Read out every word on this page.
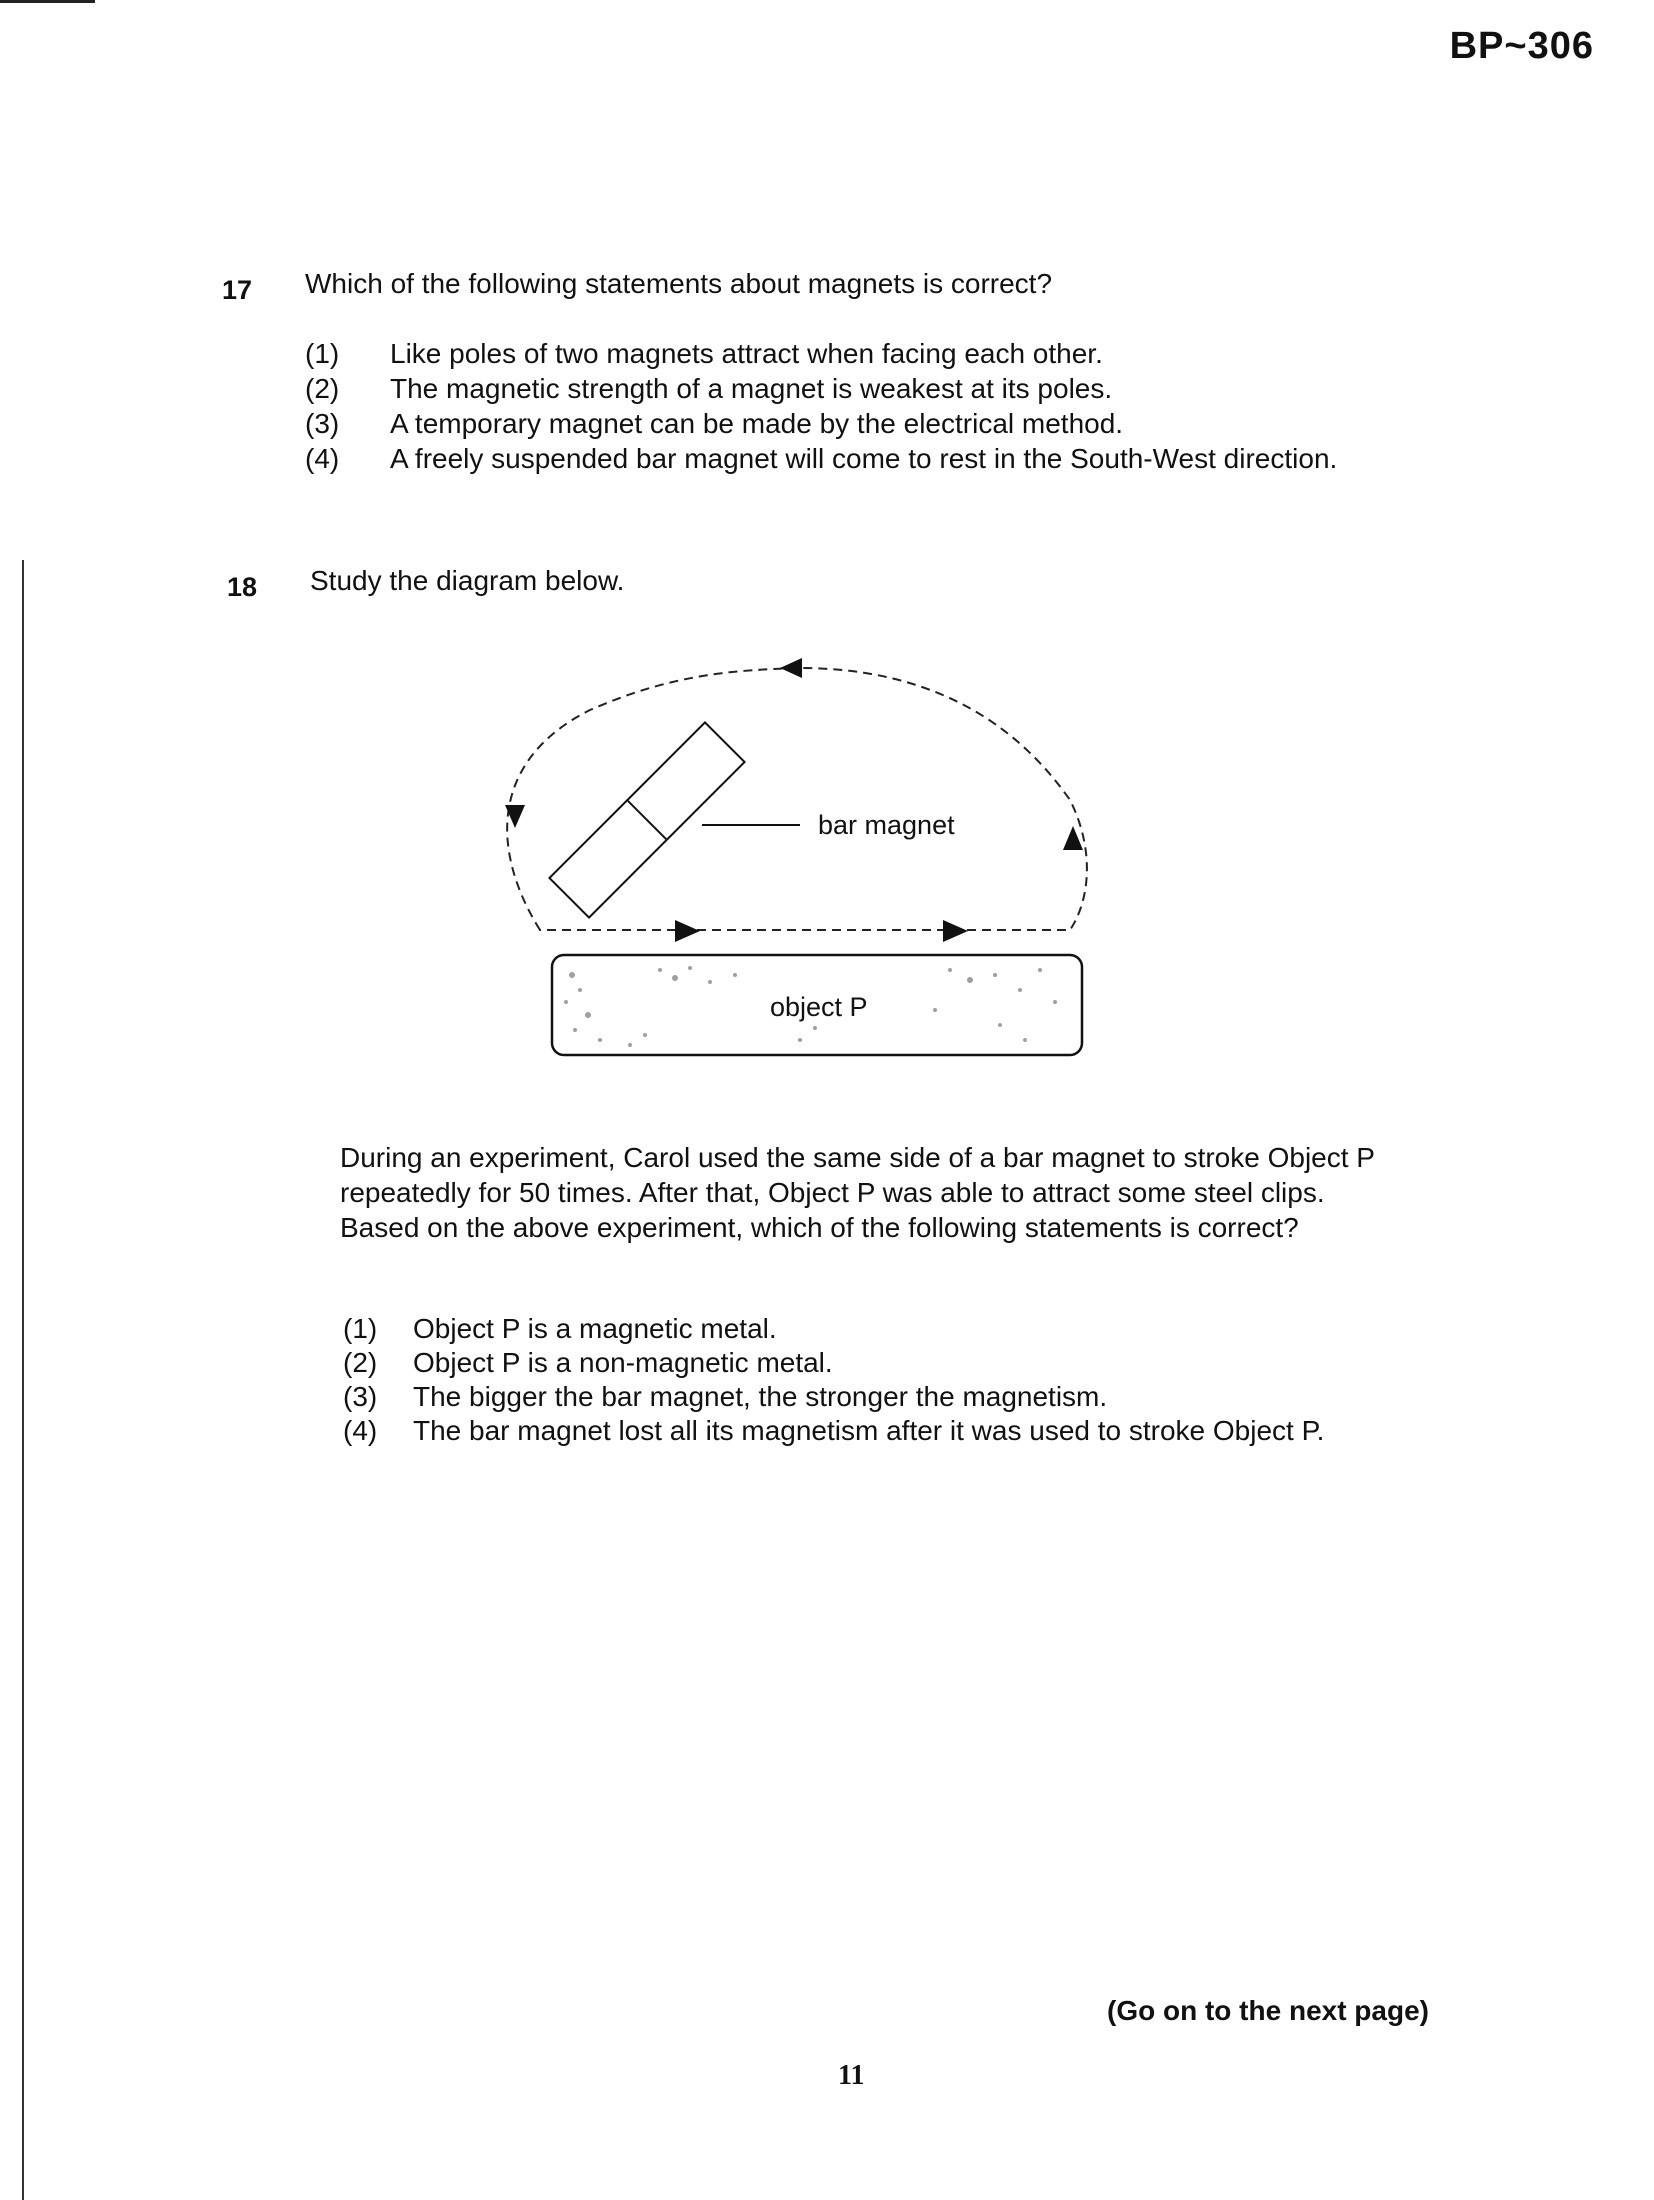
BP~306
17 Which of the following statements about magnets is correct?
(1)	Like poles of two magnets attract when facing each other.
(2)	The magnetic strength of a magnet is weakest at its poles.
(3)	A temporary magnet can be made by the electrical method.
(4)	A freely suspended bar magnet will come to rest in the South-West direction.
18 Study the diagram below.
bar magnet
object P
During an experiment, Carol used the same side of a bar magnet to stroke Object P
repeatedly for 50 times. After that, Object P was able to attract some steel clips.
Based on the above experiment, which of the following statements is correct?
(1)	Object P is a magnetic metal.
(2)	Object P is a non-magnetic metal.
(3)	The bigger the bar magnet, the stronger the magnetism.
(4)	The bar magnet lost all its magnetism after it was used to stroke Object P.
(Go on to the next page)
11
